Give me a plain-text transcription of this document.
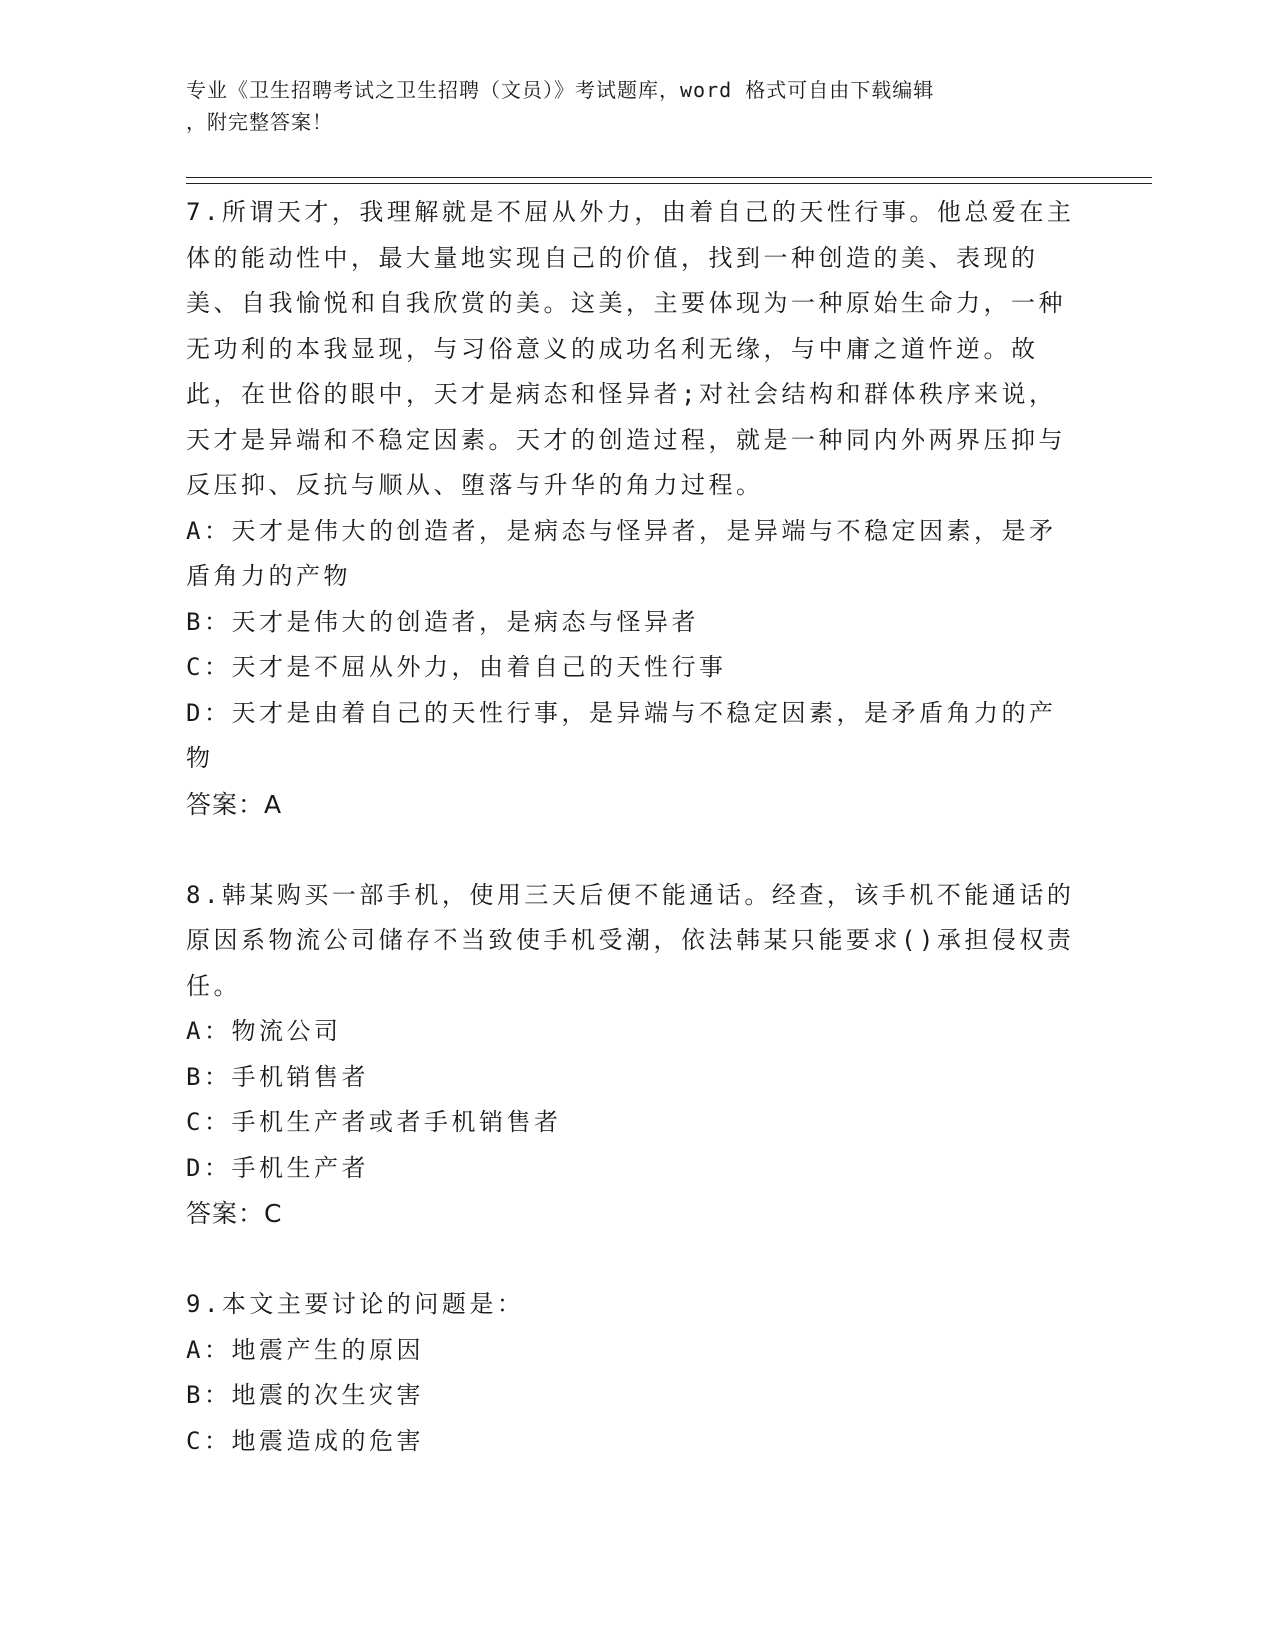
专业《卫生招聘考试之卫生招聘（文员）》考试题库，word 格式可自由下载编辑
，附完整答案！

7.所谓天才，我理解就是不屈从外力，由着自己的天性行事。他总爱在主体的能动性中，最大量地实现自己的价值，找到一种创造的美、表现的美、自我愉悦和自我欣赏的美。这美，主要体现为一种原始生命力，一种无功利的本我显现，与习俗意义的成功名利无缘，与中庸之道忤逆。故此，在世俗的眼中，天才是病态和怪异者;对社会结构和群体秩序来说，天才是异端和不稳定因素。天才的创造过程，就是一种同内外两界压抑与反压抑、反抗与顺从、堕落与升华的角力过程。

A：天才是伟大的创造者，是病态与怪异者，是异端与不稳定因素，是矛盾角力的产物

B：天才是伟大的创造者，是病态与怪异者

C：天才是不屈从外力，由着自己的天性行事

D：天才是由着自己的天性行事，是异端与不稳定因素，是矛盾角力的产物

答案：A

8.韩某购买一部手机，使用三天后便不能通话。经查，该手机不能通话的原因系物流公司储存不当致使手机受潮，依法韩某只能要求()承担侵权责任。

A：物流公司

B：手机销售者

C：手机生产者或者手机销售者

D：手机生产者

答案：C

9.本文主要讨论的问题是：

A：地震产生的原因

B：地震的次生灾害

C：地震造成的危害
